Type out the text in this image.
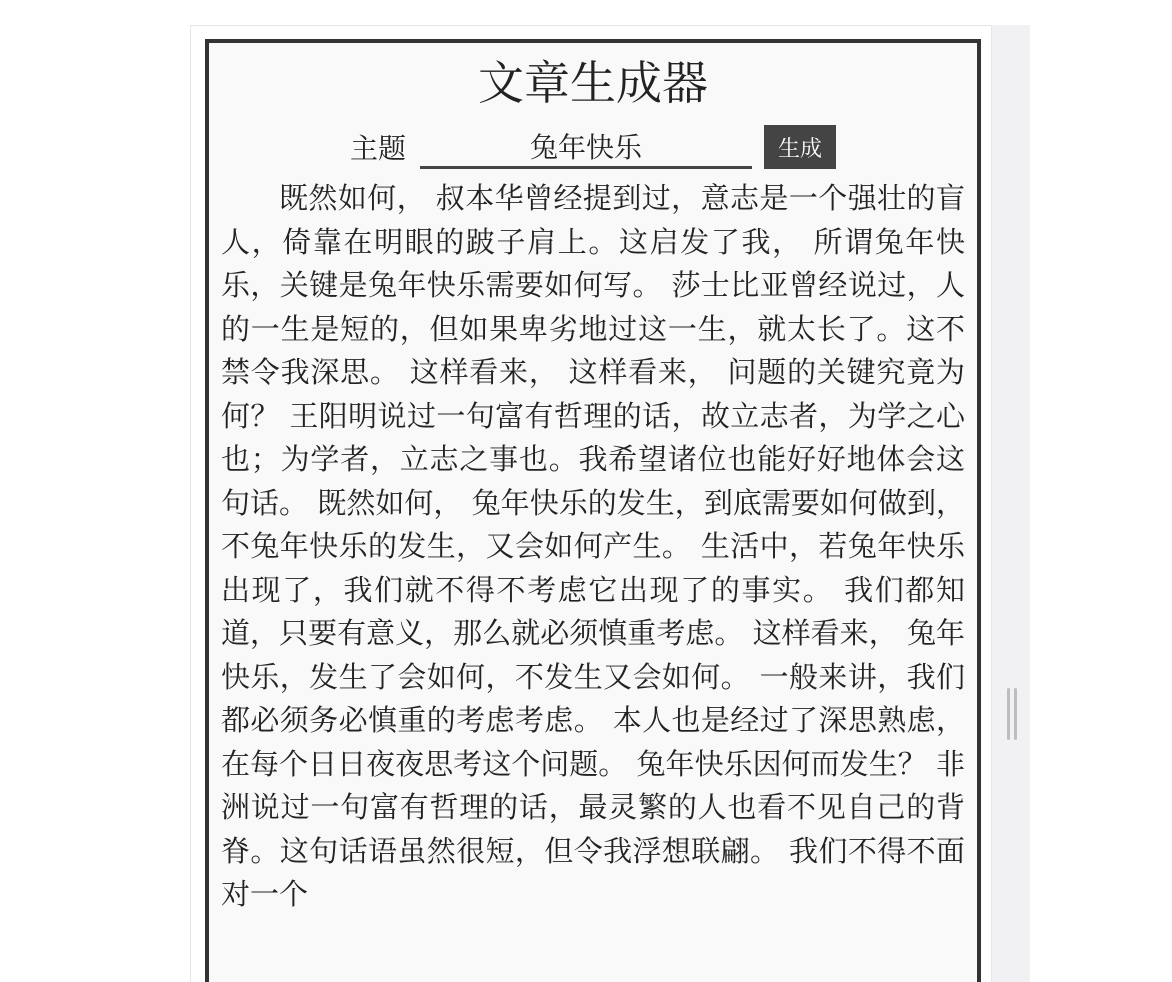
文章生成器
主题
兔年快乐	生成

既然如何， 叔本华曾经提到过，意志是一个强壮的盲人，倚靠在明眼的跛子肩上。这启发了我， 所谓兔年快乐，关键是兔年快乐需要如何写。 莎士比亚曾经说过，人的一生是短的，但如果卑劣地过这一生，就太长了。这不禁令我深思。 这样看来， 这样看来， 问题的关键究竟为何？ 王阳明说过一句富有哲理的话，故立志者，为学之心也；为学者，立志之事也。我希望诸位也能好好地体会这句话。 既然如何， 兔年快乐的发生，到底需要如何做到，不兔年快乐的发生，又会如何产生。 生活中，若兔年快乐出现了，我们就不得不考虑它出现了的事实。 我们都知道，只要有意义，那么就必须慎重考虑。 这样看来， 兔年快乐，发生了会如何，不发生又会如何。 一般来讲，我们都必须务必慎重的考虑考虑。 本人也是经过了深思熟虑，在每个日日夜夜思考这个问题。 兔年快乐因何而发生？ 非洲说过一句富有哲理的话，最灵繁的人也看不见自己的背脊。这句话语虽然很短，但令我浮想联翩。 我们不得不面对一个
